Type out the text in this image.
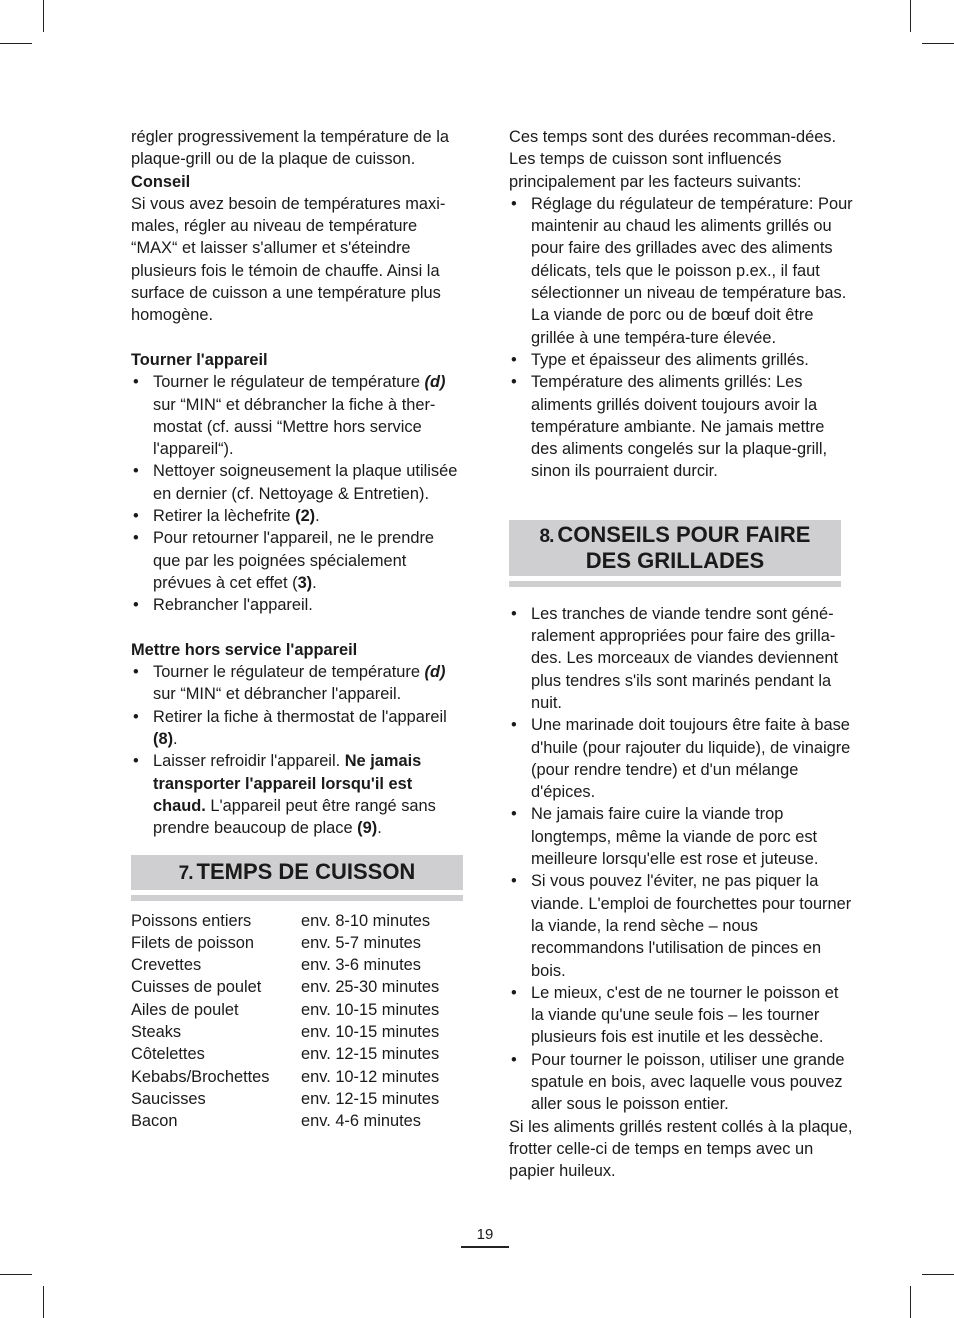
régler progressivement la température de la plaque-grill ou de la plaque de cuisson.

Conseil

Si vous avez besoin de températures maxi-males, régler au niveau de température “MAX“ et laisser s'allumer et s'éteindre plusieurs fois le témoin de chauffe. Ainsi la surface de cuisson a une température plus homogène.

Tourner l'appareil

• Tourner le régulateur de température (d) sur “MIN“ et débrancher la fiche à ther-mostat (cf. aussi “Mettre hors service l'appareil“).
• Nettoyer soigneusement la plaque utilisée en dernier (cf. Nettoyage & Entretien).
• Retirer la lèchefrite (2).
• Pour retourner l'appareil, ne le prendre que par les poignées spécialement prévues à cet effet (3).
• Rebrancher l'appareil.

Mettre hors service l'appareil

• Tourner le régulateur de température (d) sur “MIN“ et débrancher l'appareil.
• Retirer la fiche à thermostat de l'appareil (8).
• Laisser refroidir l'appareil. Ne jamais transporter l'appareil lorsqu'il est chaud. L'appareil peut être rangé sans prendre beaucoup de place (9).
7. TEMPS DE CUISSON
Poissons entiers	env. 8-10 minutes
Filets de poisson	env. 5-7 minutes
Crevettes	env. 3-6 minutes
Cuisses de poulet	env. 25-30 minutes
Ailes de poulet	env. 10-15 minutes
Steaks	env. 10-15 minutes
Côtelettes	env. 12-15 minutes
Kebabs/Brochettes	env. 10-12 minutes
Saucisses	env. 12-15 minutes
Bacon	env. 4-6 minutes

Ces temps sont des durées recomman-dées. Les temps de cuisson sont influencés principalement par les facteurs suivants:

• Réglage du régulateur de température: Pour maintenir au chaud les aliments grillés ou pour faire des grillades avec des aliments délicats, tels que le poisson p.ex., il faut sélectionner un niveau de température bas. La viande de porc ou de bœuf doit être grillée à une tempéra-ture élevée.
• Type et épaisseur des aliments grillés.
• Température des aliments grillés: Les aliments grillés doivent toujours avoir la température ambiante. Ne jamais mettre des aliments congelés sur la plaque-grill, sinon ils pourraient durcir.
8. CONSEILS POUR FAIRE
DES GRILLADES
• Les tranches de viande tendre sont géné-ralement appropriées pour faire des grilla-des. Les morceaux de viandes deviennent plus tendres s'ils sont marinés pendant la nuit.
• Une marinade doit toujours être faite à base d'huile (pour rajouter du liquide), de vinaigre (pour rendre tendre) et d'un mélange d'épices.
• Ne jamais faire cuire la viande trop longtemps, même la viande de porc est meilleure lorsqu'elle est rose et juteuse.
• Si vous pouvez l'éviter, ne pas piquer la viande. L'emploi de fourchettes pour tourner la viande, la rend sèche – nous recommandons l'utilisation de pinces en bois.
• Le mieux, c'est de ne tourner le poisson et la viande qu'une seule fois – les tourner plusieurs fois est inutile et les dessèche.
• Pour tourner le poisson, utiliser une grande spatule en bois, avec laquelle vous pouvez aller sous le poisson entier.

Si les aliments grillés restent collés à la plaque, frotter celle-ci de temps en temps avec un papier huileux.

19
